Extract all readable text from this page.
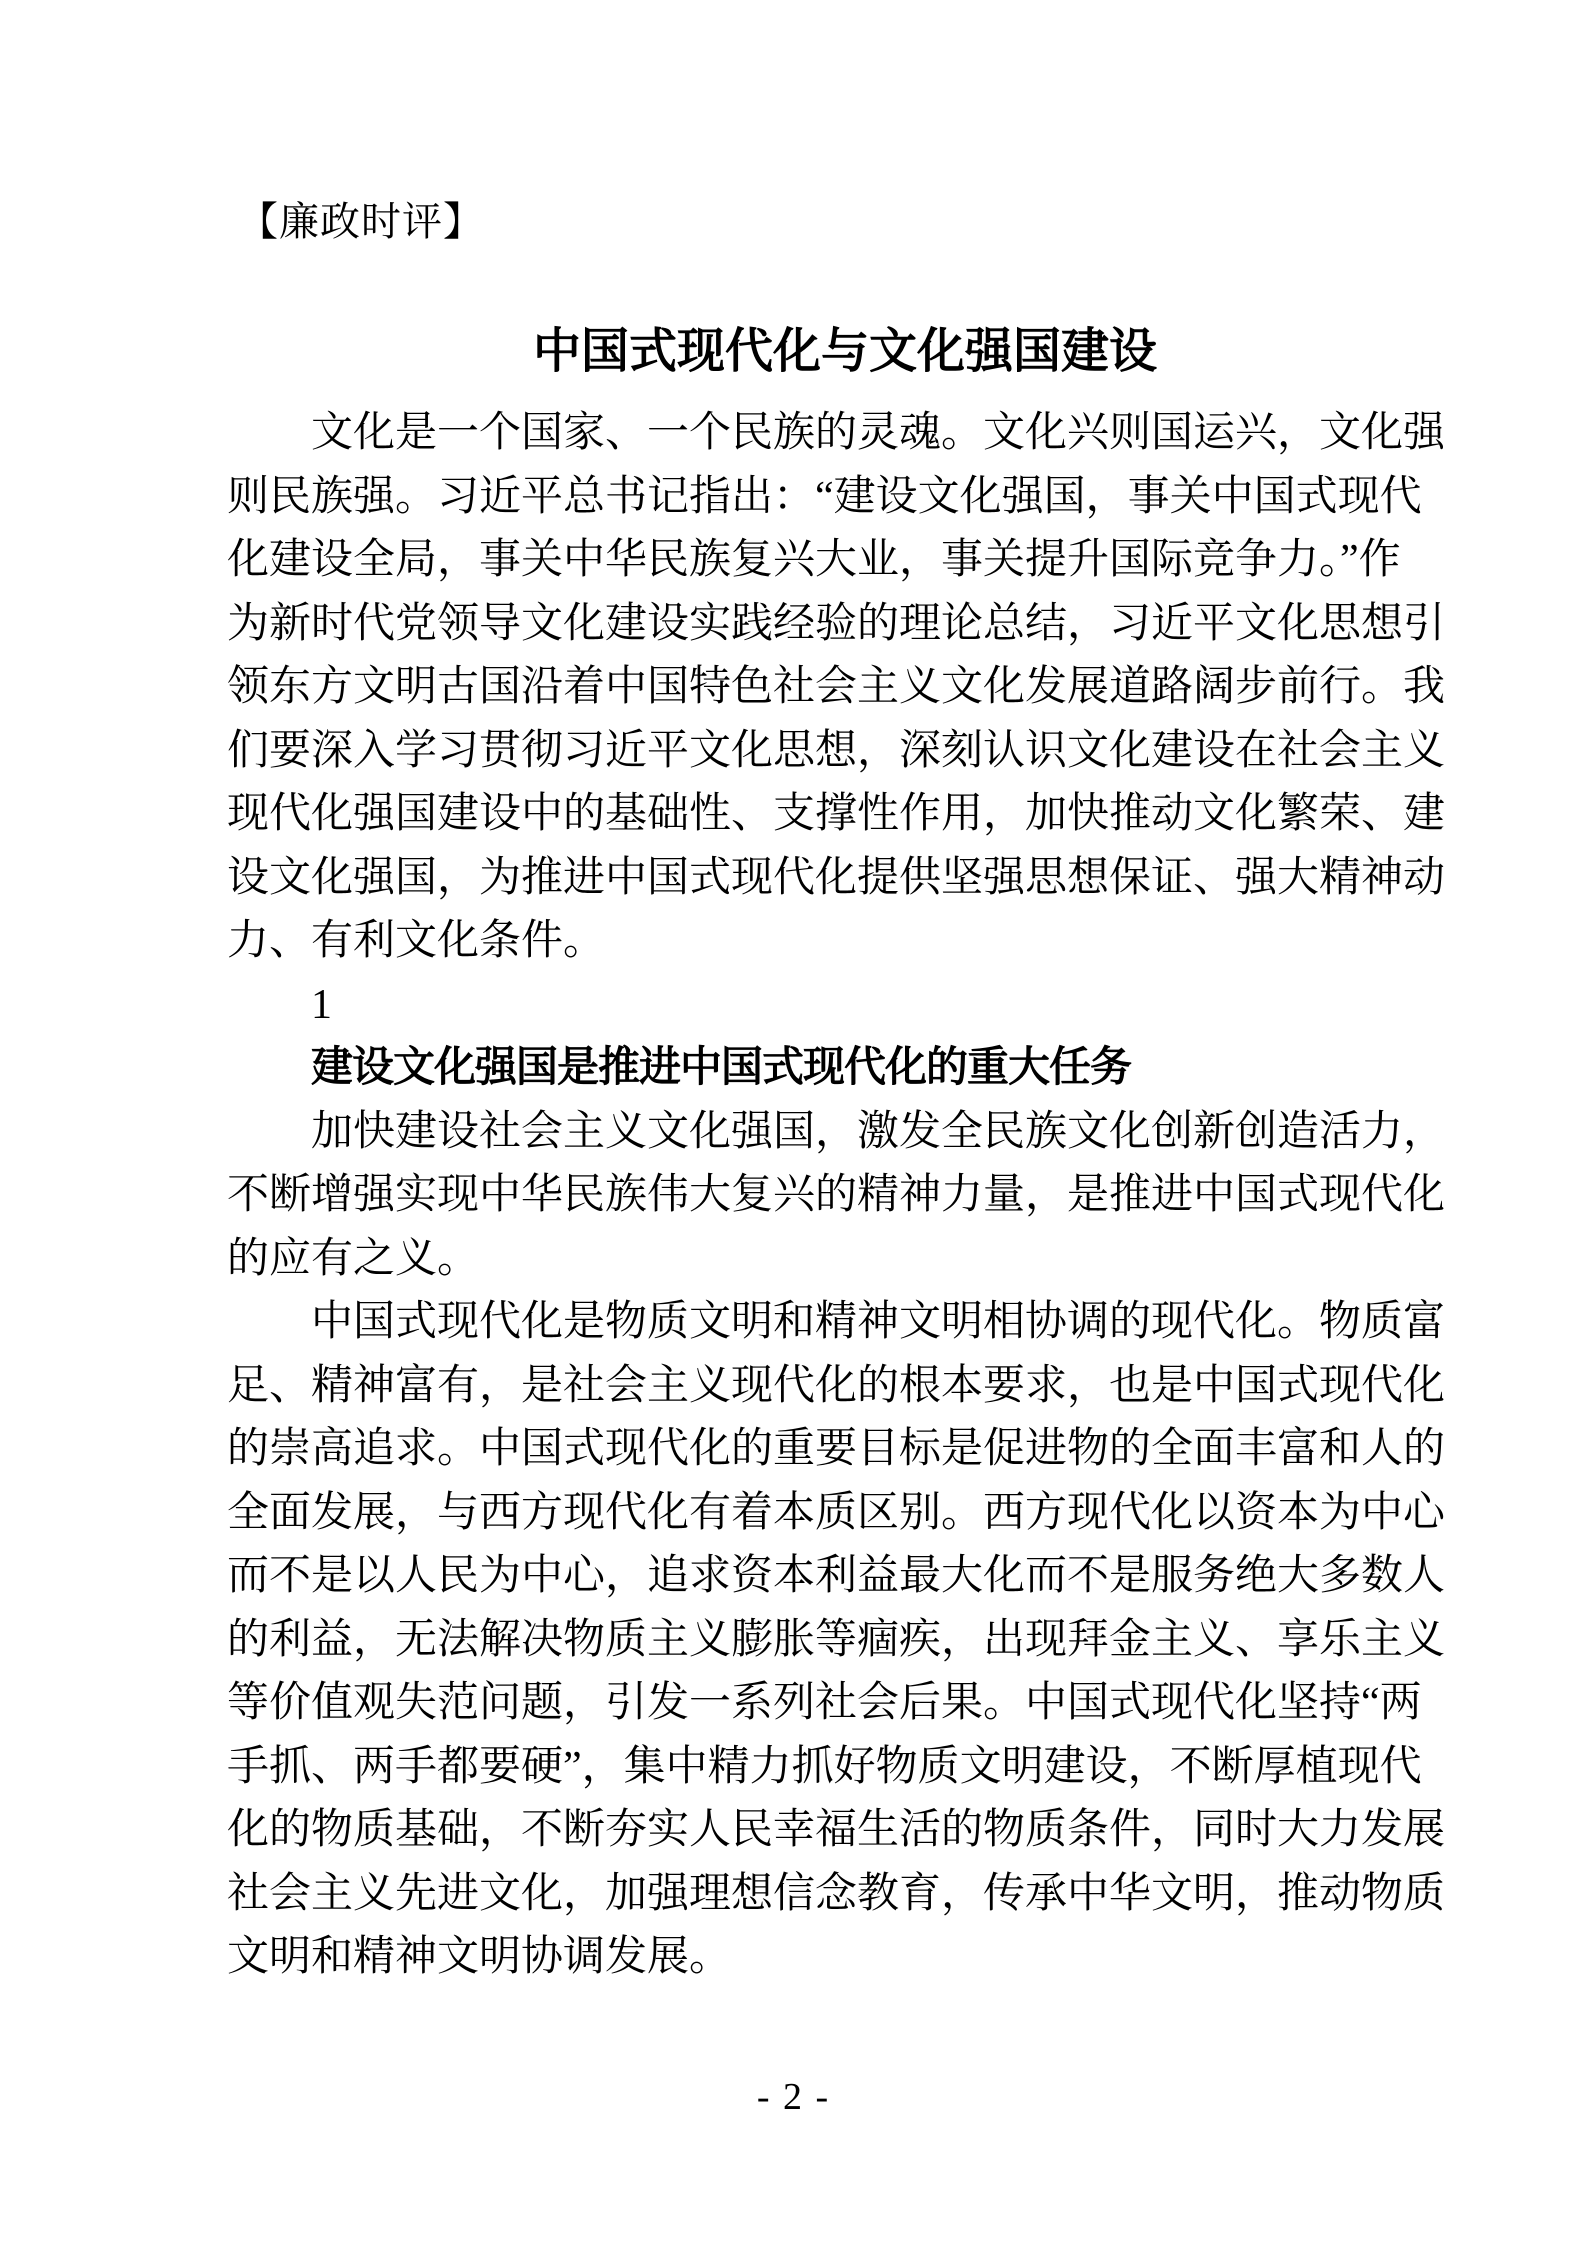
【廉政时评】
中国式现代化与文化强国建设
文化是一个国家、一个民族的灵魂。文化兴则国运兴，文化强
则民族强。习近平总书记指出：“建设文化强国，事关中国式现代
化建设全局，事关中华民族复兴大业，事关提升国际竞争力。”作
为新时代党领导文化建设实践经验的理论总结，习近平文化思想引
领东方文明古国沿着中国特色社会主义文化发展道路阔步前行。我
们要深入学习贯彻习近平文化思想，深刻认识文化建设在社会主义
现代化强国建设中的基础性、支撑性作用，加快推动文化繁荣、建
设文化强国，为推进中国式现代化提供坚强思想保证、强大精神动
力、有利文化条件。
1
建设文化强国是推进中国式现代化的重大任务
加快建设社会主义文化强国，激发全民族文化创新创造活力，
不断增强实现中华民族伟大复兴的精神力量，是推进中国式现代化
的应有之义。
中国式现代化是物质文明和精神文明相协调的现代化。物质富
足、精神富有，是社会主义现代化的根本要求，也是中国式现代化
的崇高追求。中国式现代化的重要目标是促进物的全面丰富和人的
全面发展，与西方现代化有着本质区别。西方现代化以资本为中心
而不是以人民为中心，追求资本利益最大化而不是服务绝大多数人
的利益，无法解决物质主义膨胀等痼疾，出现拜金主义、享乐主义
等价值观失范问题，引发一系列社会后果。中国式现代化坚持“两
手抓、两手都要硬”，集中精力抓好物质文明建设，不断厚植现代
化的物质基础，不断夯实人民幸福生活的物质条件，同时大力发展
社会主义先进文化，加强理想信念教育，传承中华文明，推动物质
文明和精神文明协调发展。
- 2 -
